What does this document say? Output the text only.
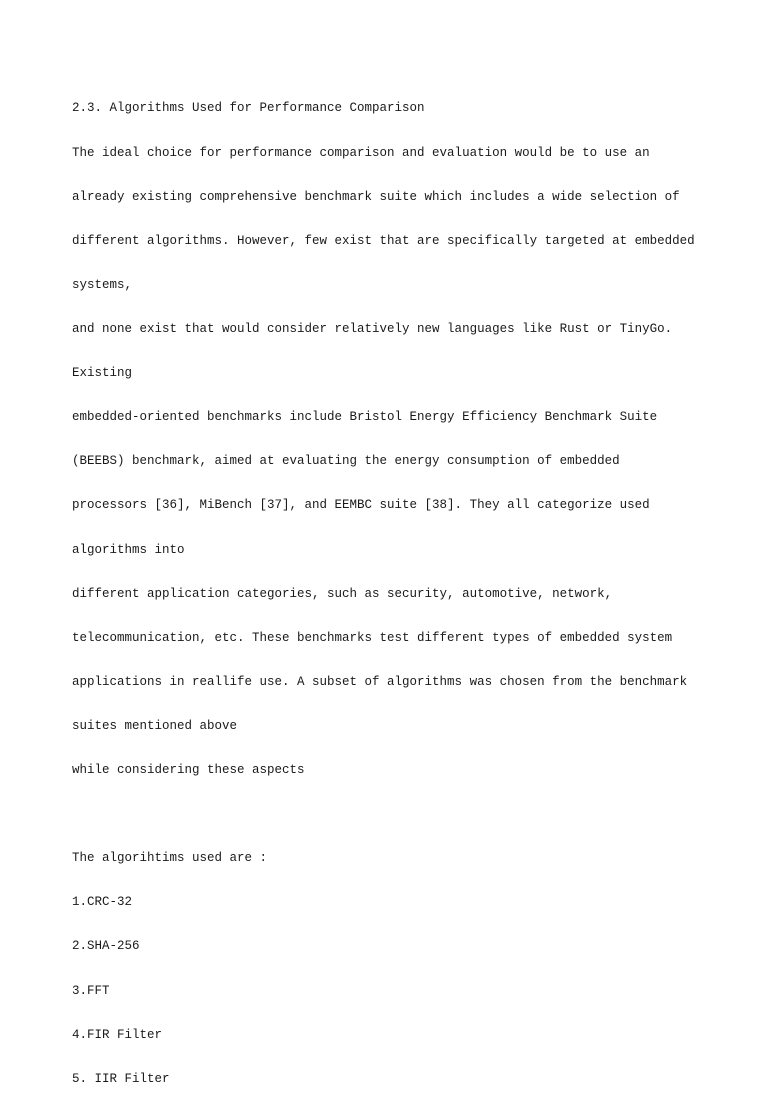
2.3. Algorithms Used for Performance Comparison

The ideal choice for performance comparison and evaluation would be to use an

already existing comprehensive benchmark suite which includes a wide selection of

different algorithms. However, few exist that are specifically targeted at embedded

systems,

and none exist that would consider relatively new languages like Rust or TinyGo.

Existing

embedded-oriented benchmarks include Bristol Energy Efficiency Benchmark Suite

(BEEBS) benchmark, aimed at evaluating the energy consumption of embedded

processors [36], MiBench [37], and EEMBC suite [38]. They all categorize used

algorithms into

different application categories, such as security, automotive, network,

telecommunication, etc. These benchmarks test different types of embedded system

applications in reallife use. A subset of algorithms was chosen from the benchmark

suites mentioned above

while considering these aspects

The algorihtims used are :

1.CRC-32

2.SHA-256

3.FFT

4.FIR Filter

5. IIR Filter
